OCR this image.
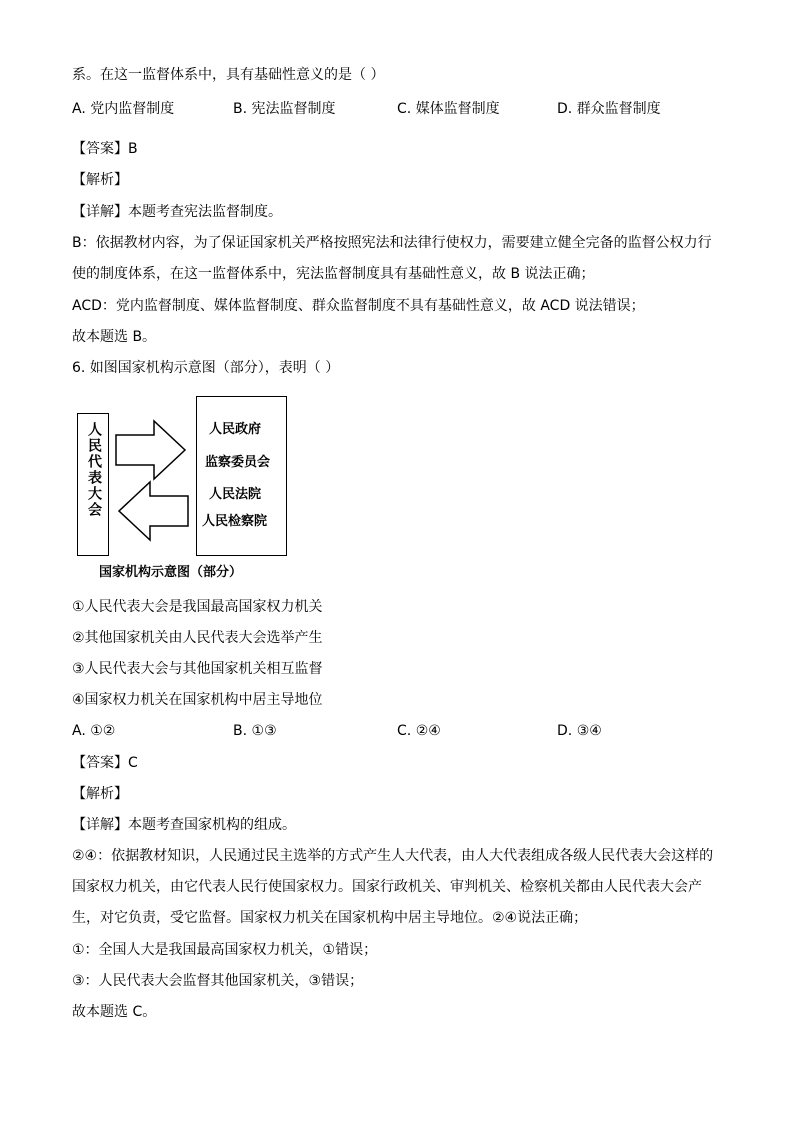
系。在这一监督体系中，具有基础性意义的是（ ）
A. 党内监督制度	B. 宪法监督制度	C. 媒体监督制度	D. 群众监督制度
【答案】B
【解析】
【详解】本题考查宪法监督制度。
B：依据教材内容，为了保证国家机关严格按照宪法和法律行使权力，需要建立健全完备的监督公权力行
使的制度体系，在这一监督体系中，宪法监督制度具有基础性意义，故 B 说法正确；
ACD：党内监督制度、媒体监督制度、群众监督制度不具有基础性意义，故 ACD 说法错误；
故本题选 B。
6. 如图国家机构示意图（部分），表明（ ）
人民代表大会	人民政府
监察委员会
人民法院
人民检察院
国家机构示意图（部分）
①人民代表大会是我国最高国家权力机关
②其他国家机关由人民代表大会选举产生
③人民代表大会与其他国家机关相互监督
④国家权力机关在国家机构中居主导地位
A. ①②	B. ①③	C. ②④	D. ③④
【答案】C
【解析】
【详解】本题考查国家机构的组成。
②④：依据教材知识，人民通过民主选举的方式产生人大代表，由人大代表组成各级人民代表大会这样的
国家权力机关，由它代表人民行使国家权力。国家行政机关、审判机关、检察机关都由人民代表大会产
生，对它负责，受它监督。国家权力机关在国家机构中居主导地位。②④说法正确；
①：全国人大是我国最高国家权力机关，①错误；
③：人民代表大会监督其他国家机关，③错误；
故本题选 C。
